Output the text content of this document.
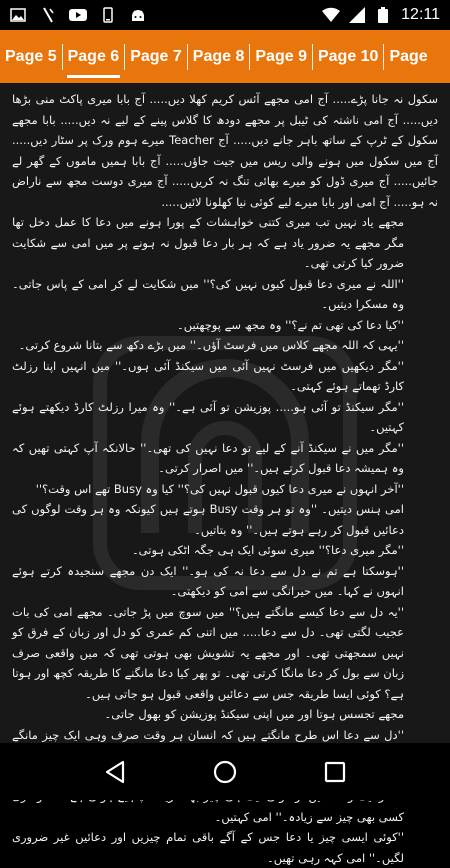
12:11
Page 5 Page 6 Page 7 Page 8 Page 9 Page 10 Page

سکول نہ جانا پڑے..... آج امی مجھے آئس کریم کھلا دیں..... آج بابا میری پاکٹ منی بڑھا دیں..... آج امی ناشتہ کی ٹیبل پر مجھے دودھ کا گلاس پینے کے لیے نہ دیں..... بابا مجھے سکول کے ٹرپ کے ساتھ باہر جانے دیں..... آج Teacher میرے ہوم ورک پر سٹار دیں..... آج میں سکول میں ہونے والی ریس میں جیت جاؤں..... آج بابا ہمیں ماموں کے گھر لے جائیں..... آج میری ڈول کو میرے بھائی تنگ نہ کریں..... آج میری دوست مجھ سے ناراض نہ ہو..... آج امی اور بابا میرے لیے کوئی نیا کھلونا لائیں.....

مجھے یاد نہیں تب میری کتنی خواہشات کے پورا ہونے میں دعا کا عمل دخل تھا مگر مجھے یہ ضرور یاد ہے کہ ہر بار دعا قبول نہ ہونے پر میں امی سے شکایت ضرور کیا کرتی تھی۔

''اللہ نے میری دعا قبول کیوں نہیں کی؟'' میں شکایت لے کر امی کے پاس جاتی۔ وہ مسکرا دیتیں۔

''کیا دعا کی تھی تم نے؟'' وہ مجھ سے پوچھتیں۔

''یہی کہ اللہ مجھے کلاس میں فرسٹ آؤں۔'' میں بڑے دکھ سے بتانا شروع کرتی۔

''مگر دیکھیں میں فرسٹ نہیں آئی میں سیکنڈ آئی ہوں۔'' میں انہیں اپنا رزلٹ کارڈ تھماتے ہوئے کہتی۔

''مگر سیکنڈ تو آئی ہو..... پوزیشن تو آئی ہے۔'' وہ میرا رزلٹ کارڈ دیکھتے ہوئے کہتیں۔

''مگر میں نے سیکنڈ آنے کے لیے تو دعا نہیں کی تھی۔'' حالانکہ آپ کہتی تھیں کہ وہ ہمیشہ دعا قبول کرتے ہیں۔'' میں اصرار کرتی۔

''آخر انہوں نے میری دعا کیوں قبول نہیں کی؟'' کیا وہ Busy تھے اس وقت؟''

امی ہنس دیتیں۔ ''وہ تو ہر وقت Busy ہوتے ہیں کیونکہ وہ ہر وقت لوگوں کی دعائیں قبول کر رہے ہوتے ہیں۔'' وہ بتاتیں۔

''مگر میری دعا؟'' میری سوئی ایک ہی جگہ اٹکی ہوتی۔

''ہوسکتا ہے تم نے دل سے دعا نہ کی ہو۔'' ایک دن مجھے سنجیدہ کرتے ہوئے انہوں نے کہا۔ میں حیرانگی سے امی کو دیکھتی۔

''یہ دل سے دعا کیسے مانگتے ہیں؟'' میں سوچ میں پڑ جاتی۔ مجھے امی کی بات عجیب لگتی تھی۔ دل سے دعا..... میں اتنی کم عمری کو دل اور زبان کے فرق کو نہیں سمجھتی تھی۔ اور مجھے یہ تشویش بھی ہوتی تھی کہ میں واقعی صرف زبان سے بول کر دعا مانگا کرتی تھی۔ تو پھر کیا دعا مانگنے کا طریقہ کچھ اور ہوتا ہے؟ کوئی ایسا طریقہ جس سے دعائیں واقعی قبول ہو جاتی ہیں۔

مجھے تجسس ہوتا اور میں اپنی سیکنڈ پوزیشن کو بھول جاتی۔

''دل سے دعا اس طرح مانگتے ہیں کہ انسان ہر وقت صرف وہی ایک چیز مانگے

کسی بھی چیز سے زیادہ۔'' امی کہتیں۔

''کوئی ایسی چیز یا دعا جس کے آگے باقی تمام چیزیں اور دعائیں غیر ضروری لگیں۔'' امی کہہ رہی تھیں۔
